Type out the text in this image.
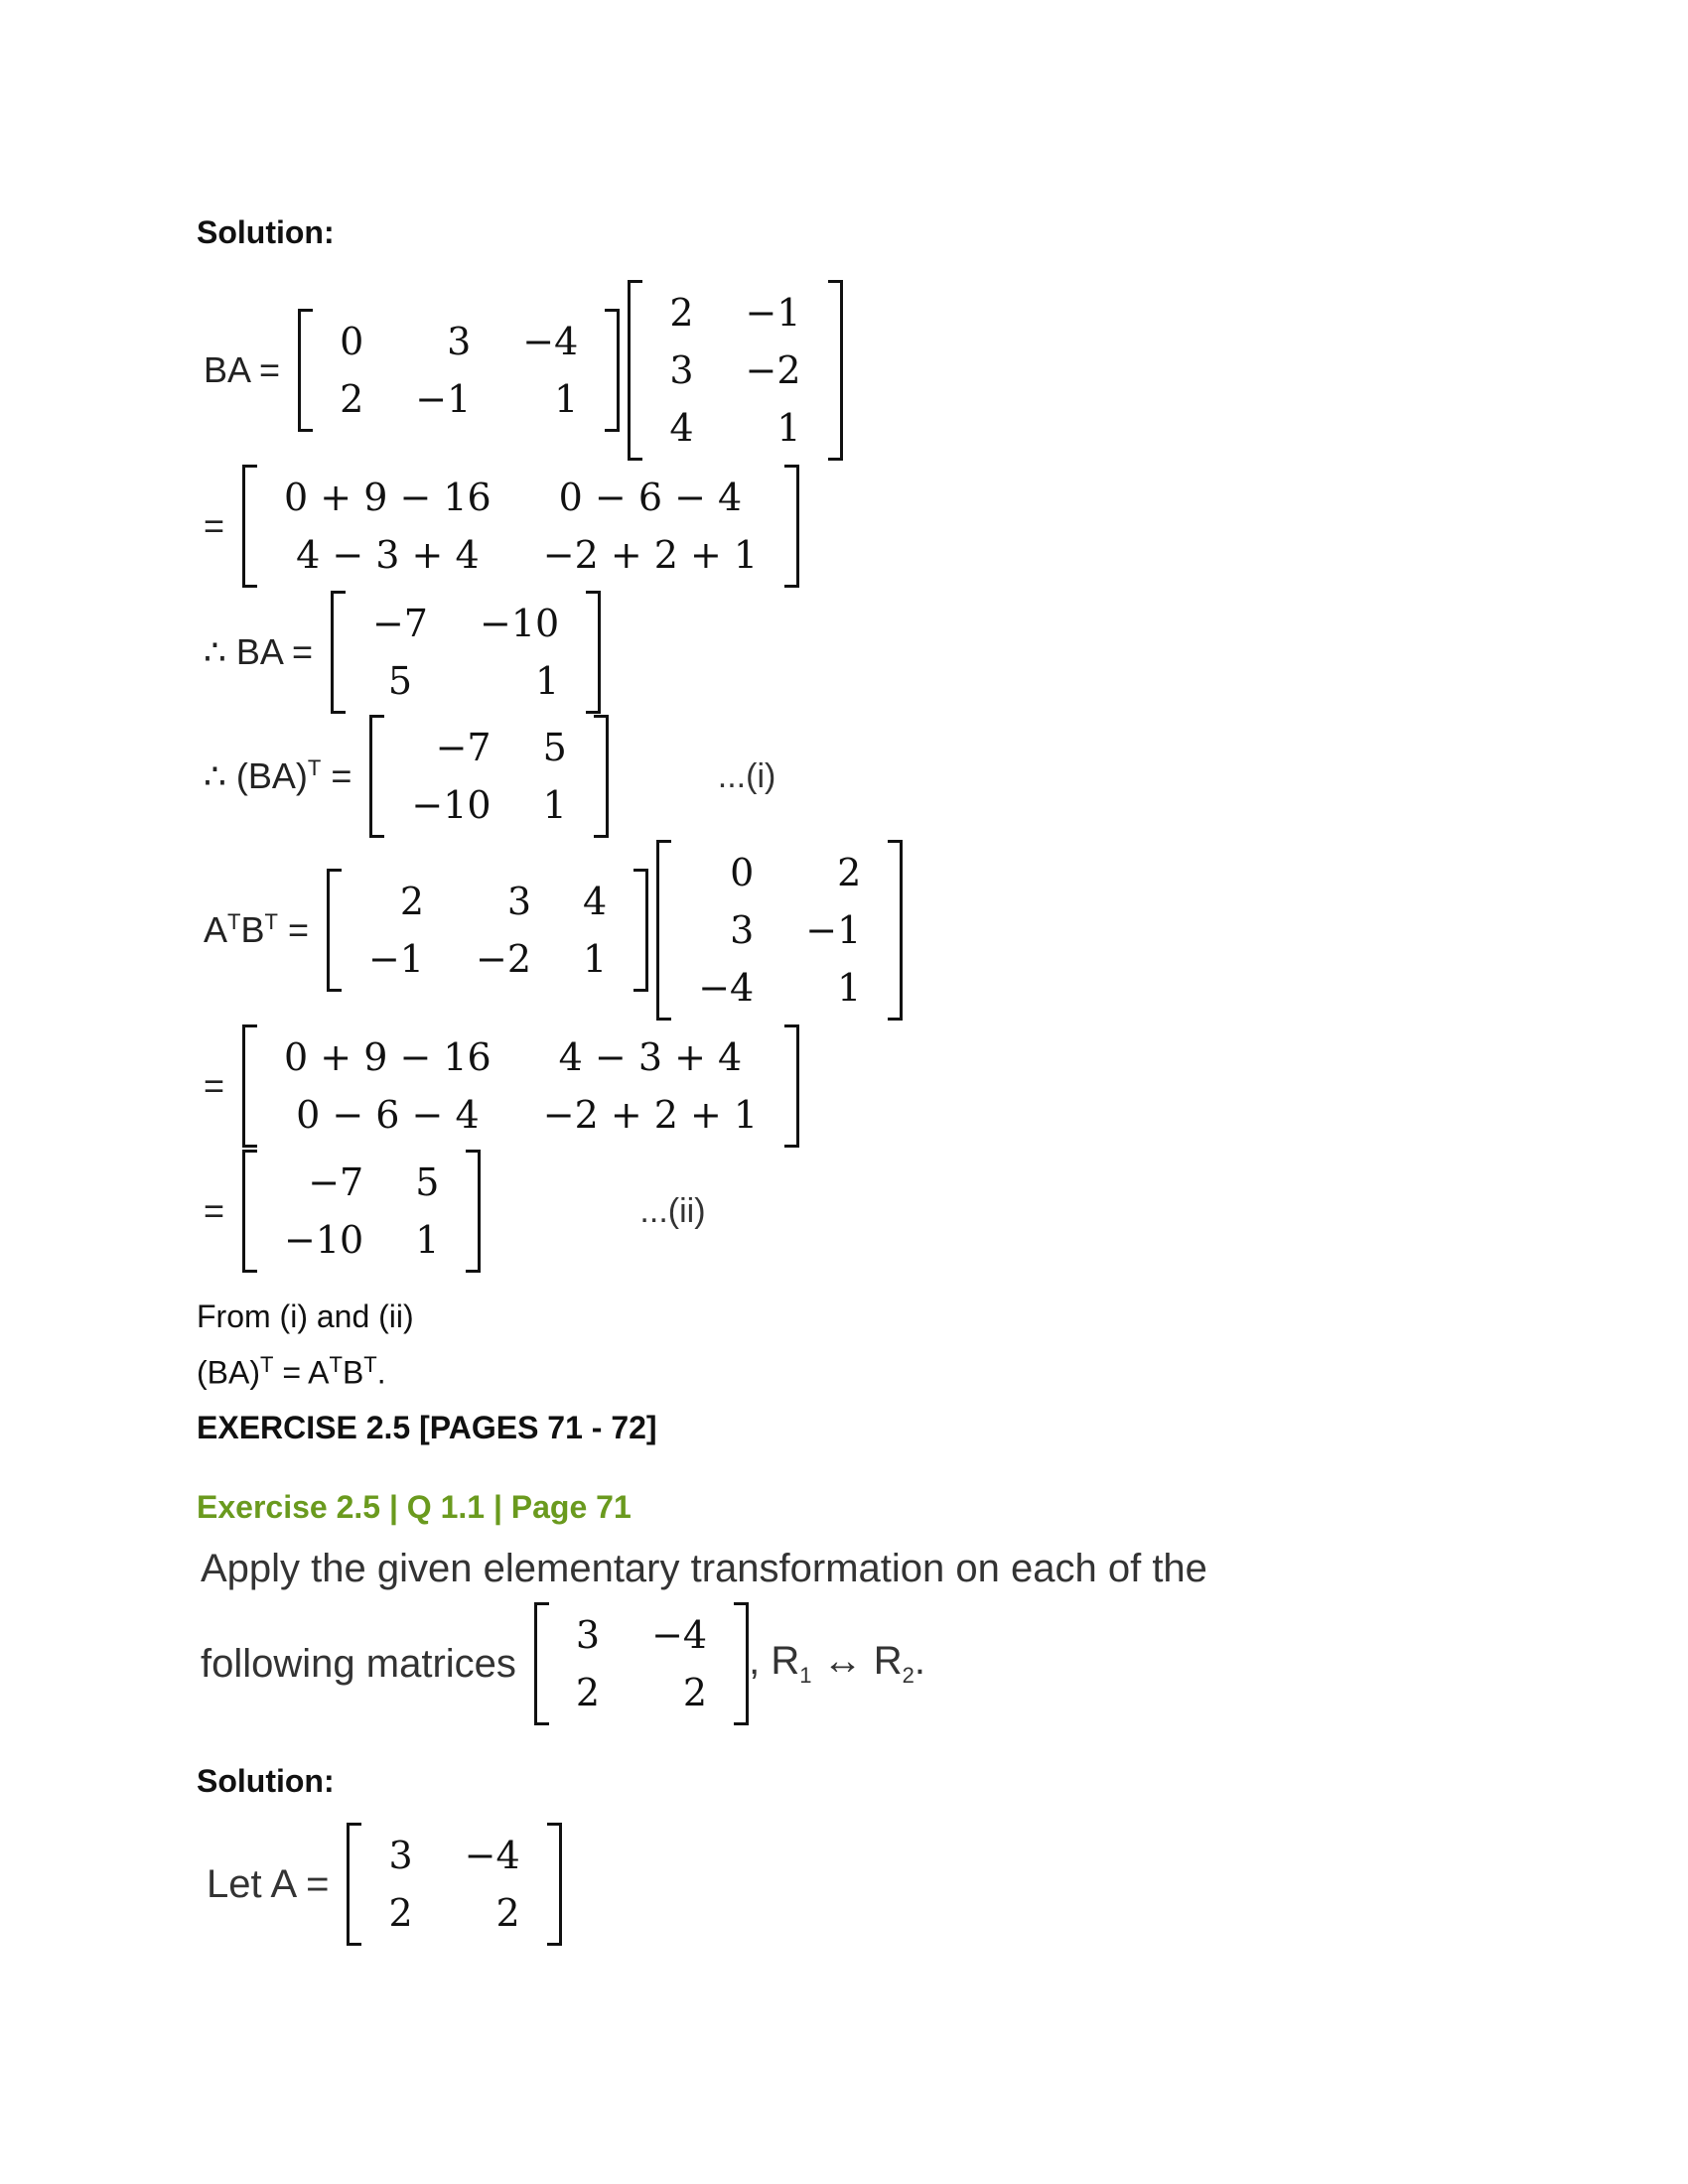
Solution:
BA =
0	3	−4
2	−1	1
2	−1
3	−2
4	1
=
0 + 9 − 16	0 − 6 − 4
4 − 3 + 4	−2 + 2 + 1
∴ BA =
−7	−10
5	1
∴ (BA)$^T$ =
−7	5
−10	1
...(i)
$A^TB^T$ =
2	3	4
−1	−2	1
0	2
3	−1
−4	1
=
0 + 9 − 16	4 − 3 + 4
0 − 6 − 4	−2 + 2 + 1
=
−7	5
−10	1
...(ii)
From (i) and (ii)
$(BA)^T = A^TB^T$.
EXERCISE 2.5 [PAGES 71 - 72]
Exercise 2.5 | Q 1.1 | Page 71
Apply the given elementary transformation on each of the
following matrices
3	−4
2	2
, $R_1$ ↔ $R_2$.
Solution:
Let A =
3	−4
2	2
